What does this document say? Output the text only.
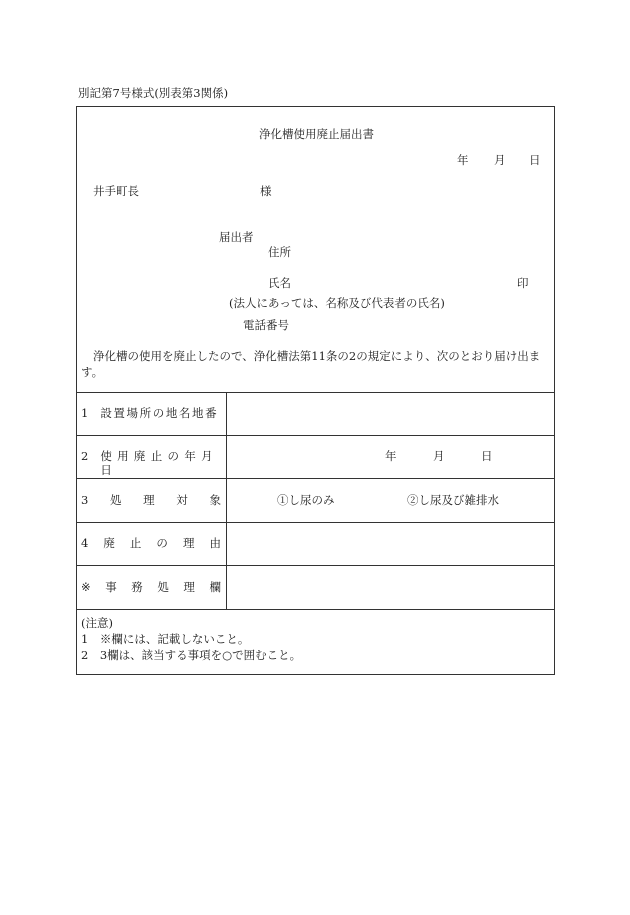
別記第7号様式(別表第3関係)
浄化槽使用廃止届出書
年 月 日
井手町長	様
届出者
住所
氏名	印
(法人にあっては、名称及び代表者の氏名)
電話番号
浄化槽の使用を廃止したので、浄化槽法第11条の2の規定により、次のとおり届け出ま
す。
1 設置場所の地名地番
2 使用廃止の年月日
年	月	日
3 処 理 対 象	①し尿のみ	②し尿及び雑排水
4 廃 止 の 理 由
※ 事 務 処 理 欄
(注意)
1　※欄には、記載しないこと。
2　3欄は、該当する事項を○で囲むこと。
